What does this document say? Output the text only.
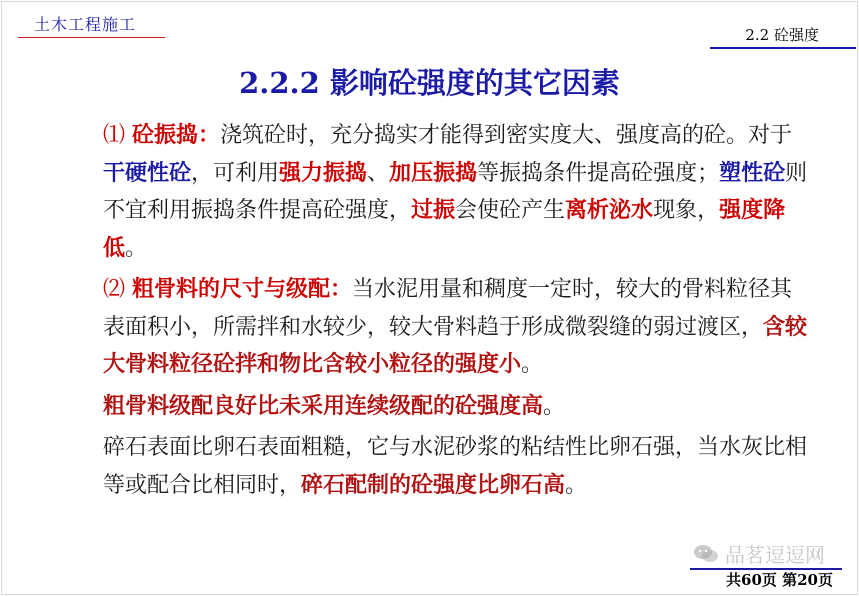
土木工程施工
2.2 砼强度
2.2.2 影响砼强度的其它因素

⑴ 砼振捣：浇筑砼时，充分捣实才能得到密实度大、强度高的砼。对于干硬性砼，可利用强力振捣、加压振捣等振捣条件提高砼强度；塑性砼则不宜利用振捣条件提高砼强度，过振会使砼产生离析泌水现象，强度降低。

⑵ 粗骨料的尺寸与级配：当水泥用量和稠度一定时，较大的骨料粒径其表面积小，所需拌和水较少，较大骨料趋于形成微裂缝的弱过渡区，含较大骨料粒径砼拌和物比含较小粒径的强度小。

粗骨料级配良好比未采用连续级配的砼强度高。

碎石表面比卵石表面粗糙，它与水泥砂浆的粘结性比卵石强，当水灰比相等或配合比相同时，碎石配制的砼强度比卵石高。

品茗逗逗网
共60页 第20页
